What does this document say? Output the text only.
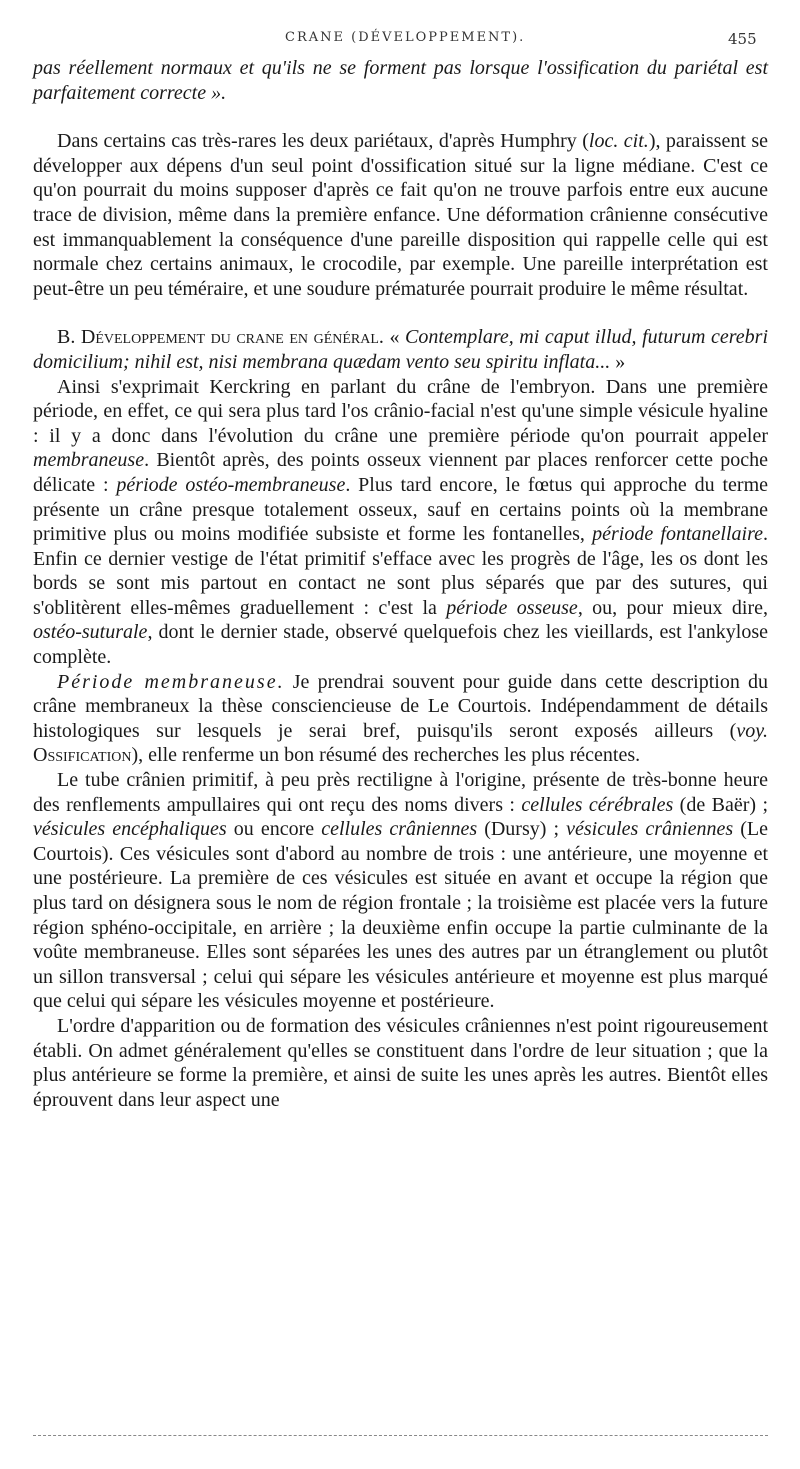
CRANE (DÉVELOPPEMENT).	455

pas réellement normaux et qu'ils ne se forment pas lorsque l'ossification du pariétal est parfaitement correcte ».

Dans certains cas très-rares les deux pariétaux, d'après Humphry (loc. cit.), paraissent se développer aux dépens d'un seul point d'ossification situé sur la ligne médiane. C'est ce qu'on pourrait du moins supposer d'après ce fait qu'on ne trouve parfois entre eux aucune trace de division, même dans la première enfance. Une déformation crânienne consécutive est immanquablement la conséquence d'une pareille disposition qui rappelle celle qui est normale chez certains animaux, le crocodile, par exemple. Une pareille interprétation est peut-être un peu téméraire, et une soudure prématurée pourrait produire le même résultat.

B. Développement du crane en général. « Contemplare, mi caput illud, futurum cerebri domicilium; nihil est, nisi membrana quædam vento seu spiritu inflata... »

Ainsi s'exprimait Kerckring en parlant du crâne de l'embryon. Dans une première période, en effet, ce qui sera plus tard l'os crânio-facial n'est qu'une simple vésicule hyaline : il y a donc dans l'évolution du crâne une première période qu'on pourrait appeler membraneuse. Bientôt après, des points osseux viennent par places renforcer cette poche délicate : période ostéo-membraneuse. Plus tard encore, le fœtus qui approche du terme présente un crâne presque totalement osseux, sauf en certains points où la membrane primitive plus ou moins modifiée subsiste et forme les fontanelles, période fontanellaire. Enfin ce dernier vestige de l'état primitif s'efface avec les progrès de l'âge, les os dont les bords se sont mis partout en contact ne sont plus séparés que par des sutures, qui s'oblitèrent elles-mêmes graduellement : c'est la période osseuse, ou, pour mieux dire, ostéo-suturale, dont le dernier stade, observé quelquefois chez les vieillards, est l'ankylose complète.

Période membraneuse. Je prendrai souvent pour guide dans cette description du crâne membraneux la thèse consciencieuse de Le Courtois. Indépendamment de détails histologiques sur lesquels je serai bref, puisqu'ils seront exposés ailleurs (voy. Ossification), elle renferme un bon résumé des recherches les plus récentes.

Le tube crânien primitif, à peu près rectiligne à l'origine, présente de très-bonne heure des renflements ampullaires qui ont reçu des noms divers : cellules cérébrales (de Baër) ; vésicules encéphaliques ou encore cellules crâniennes (Dursy) ; vésicules crâniennes (Le Courtois). Ces vésicules sont d'abord au nombre de trois : une antérieure, une moyenne et une postérieure. La première de ces vésicules est située en avant et occupe la région que plus tard on désignera sous le nom de région frontale ; la troisième est placée vers la future région sphéno-occipitale, en arrière ; la deuxième enfin occupe la partie culminante de la voûte membraneuse. Elles sont séparées les unes des autres par un étranglement ou plutôt un sillon transversal ; celui qui sépare les vésicules antérieure et moyenne est plus marqué que celui qui sépare les vésicules moyenne et postérieure.

L'ordre d'apparition ou de formation des vésicules crâniennes n'est point rigoureusement établi. On admet généralement qu'elles se constituent dans l'ordre de leur situation ; que la plus antérieure se forme la première, et ainsi de suite les unes après les autres. Bientôt elles éprouvent dans leur aspect une
